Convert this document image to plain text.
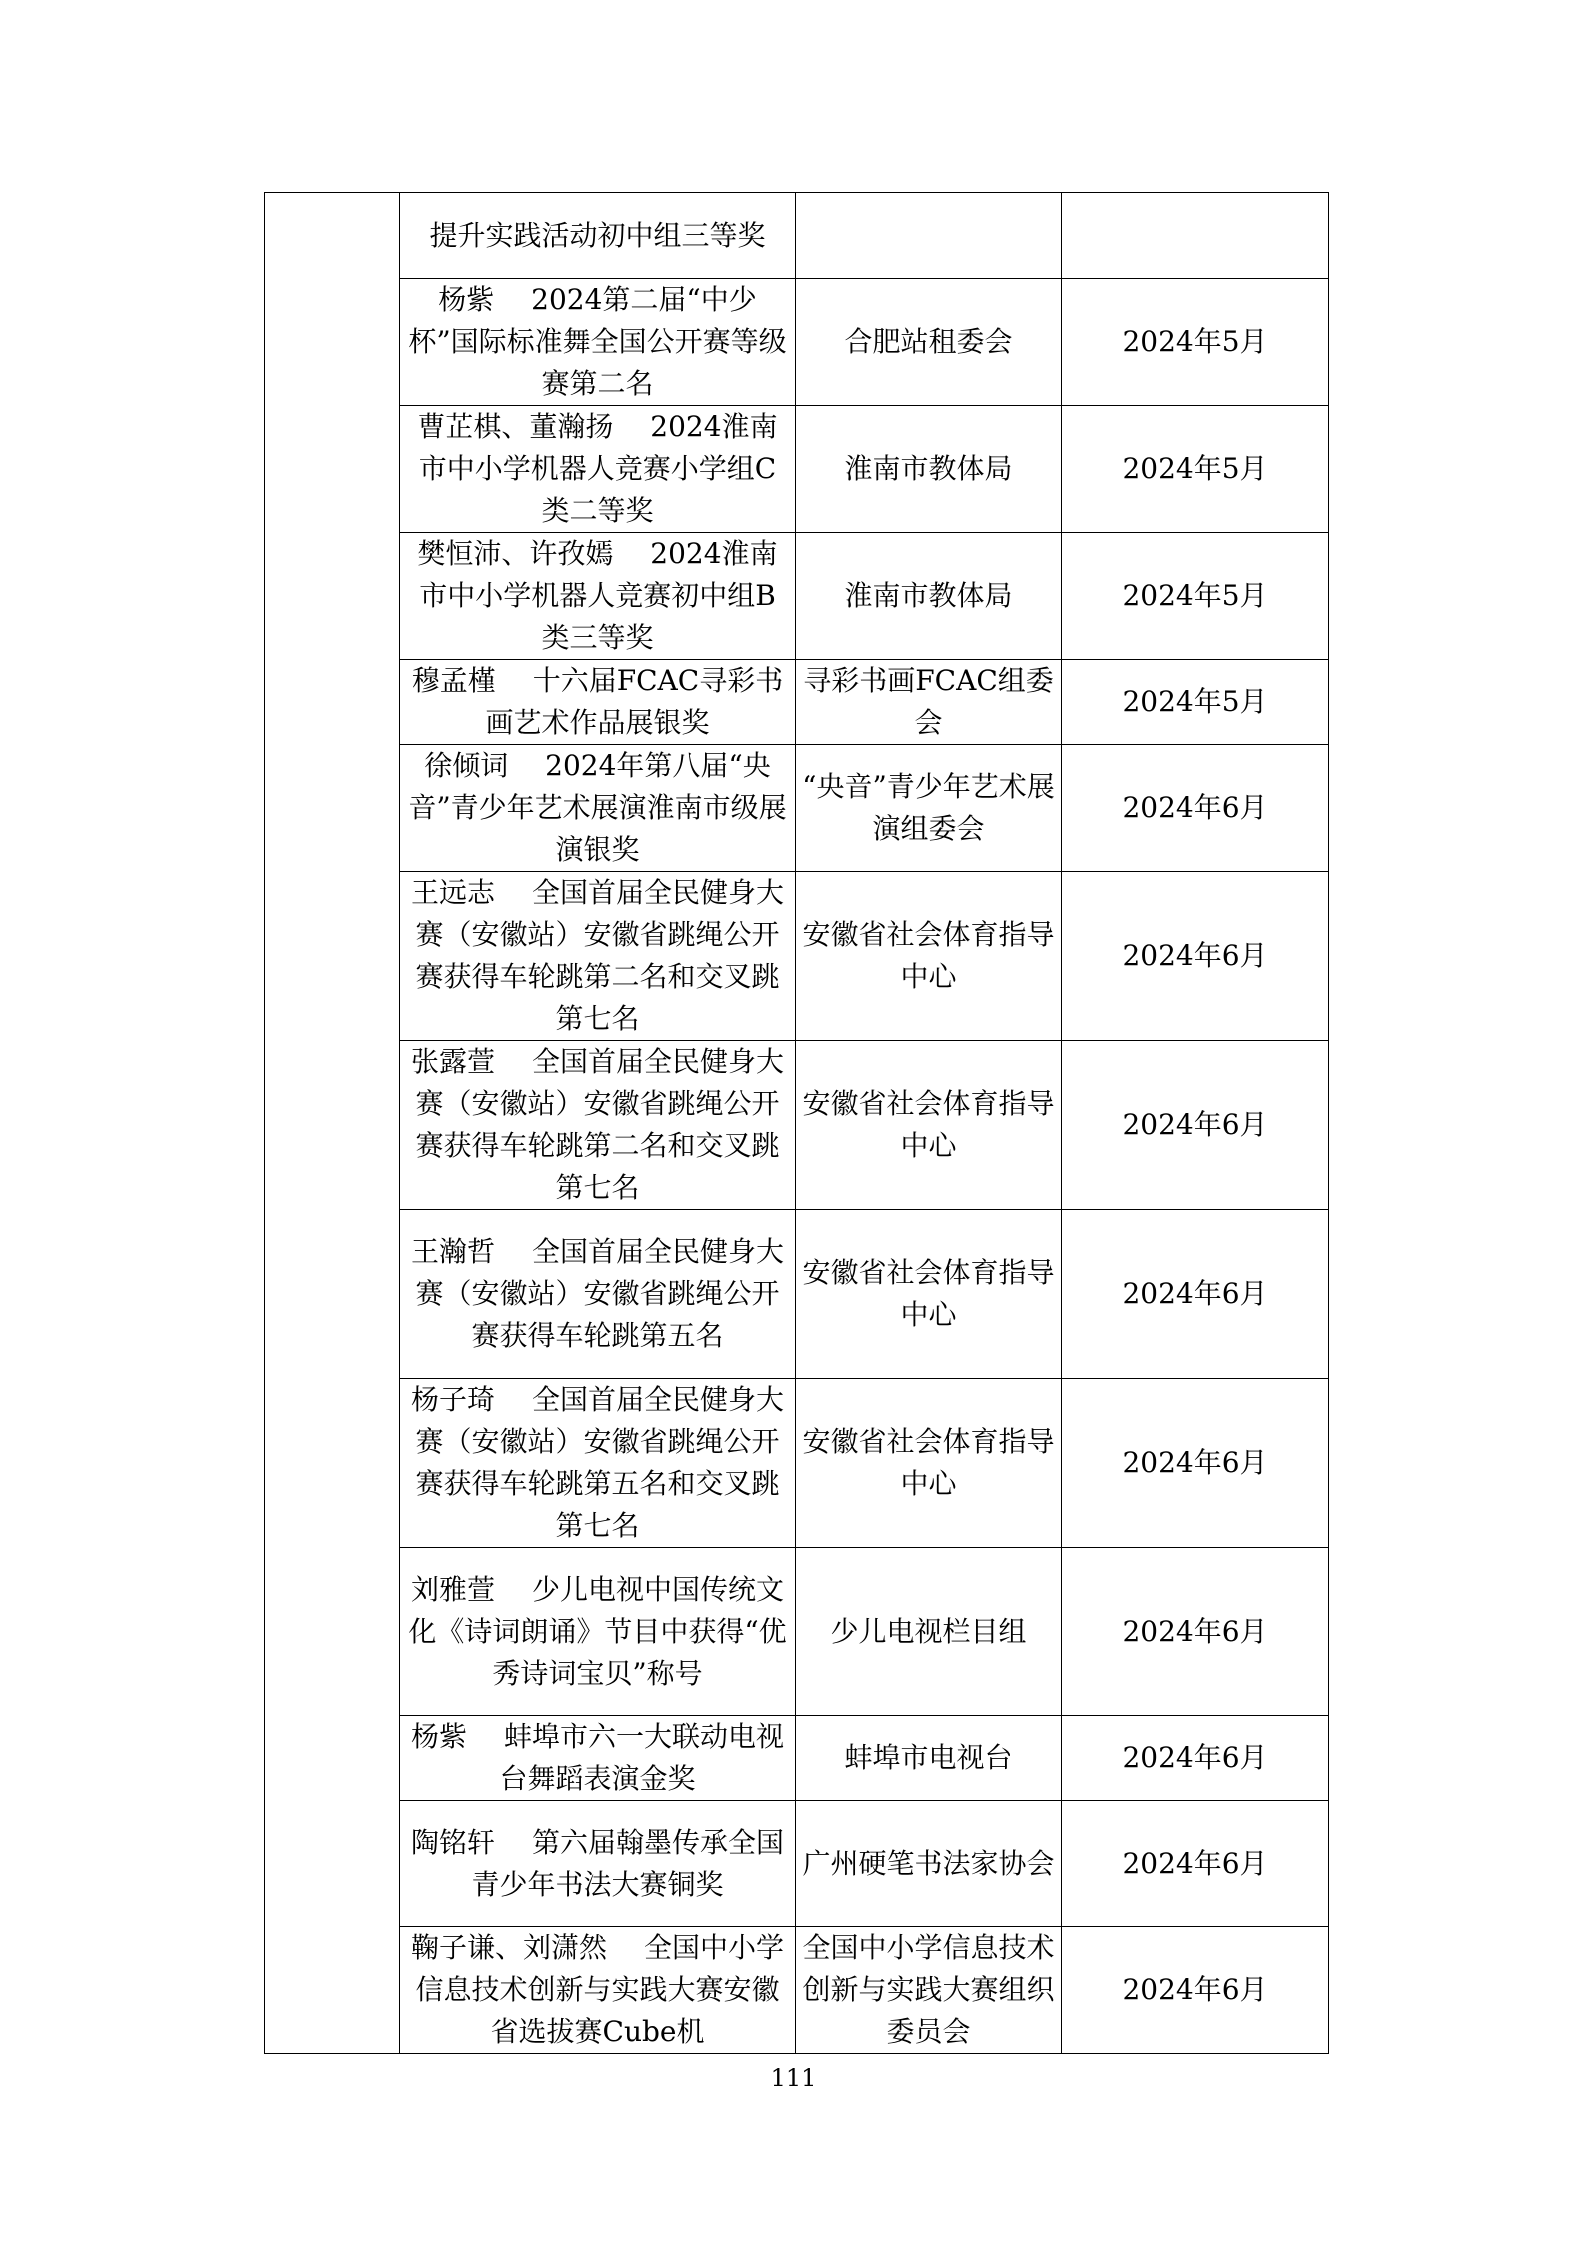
	提升实践活动初中组三等奖		
	杨紫　 2024第二届“中少杯”国际标准舞全国公开赛等级赛第二名	合肥站租委会	2024年5月
	曹芷棋、董瀚扬　 2024淮南市中小学机器人竞赛小学组C类二等奖	淮南市教体局	2024年5月
	樊恒沛、许孜嫣　 2024淮南市中小学机器人竞赛初中组B类三等奖	淮南市教体局	2024年5月
	穆孟槿　 十六届FCAC寻彩书画艺术作品展银奖	寻彩书画FCAC组委会	2024年5月
	徐倾词　 2024年第八届“央音”青少年艺术展演淮南市级展演银奖	“央音”青少年艺术展演组委会	2024年6月
	王远志　 全国首届全民健身大赛（安徽站）安徽省跳绳公开赛获得车轮跳第二名和交叉跳第七名	安徽省社会体育指导中心	2024年6月
	张露萱　 全国首届全民健身大赛（安徽站）安徽省跳绳公开赛获得车轮跳第二名和交叉跳第七名	安徽省社会体育指导中心	2024年6月
	王瀚哲　 全国首届全民健身大赛（安徽站）安徽省跳绳公开赛获得车轮跳第五名	安徽省社会体育指导中心	2024年6月
	杨子琦　 全国首届全民健身大赛（安徽站）安徽省跳绳公开赛获得车轮跳第五名和交叉跳第七名	安徽省社会体育指导中心	2024年6月
	刘雅萱　 少儿电视中国传统文化《诗词朗诵》节目中获得“优秀诗词宝贝”称号	少儿电视栏目组	2024年6月
	杨紫　 蚌埠市六一大联动电视台舞蹈表演金奖	蚌埠市电视台	2024年6月
	陶铭轩　 第六届翰墨传承全国青少年书法大赛铜奖	广州硬笔书法家协会	2024年6月
	鞠子谦、刘潇然　 全国中小学信息技术创新与实践大赛安徽省选拔赛Cube机	全国中小学信息技术创新与实践大赛组织委员会	2024年6月
111
